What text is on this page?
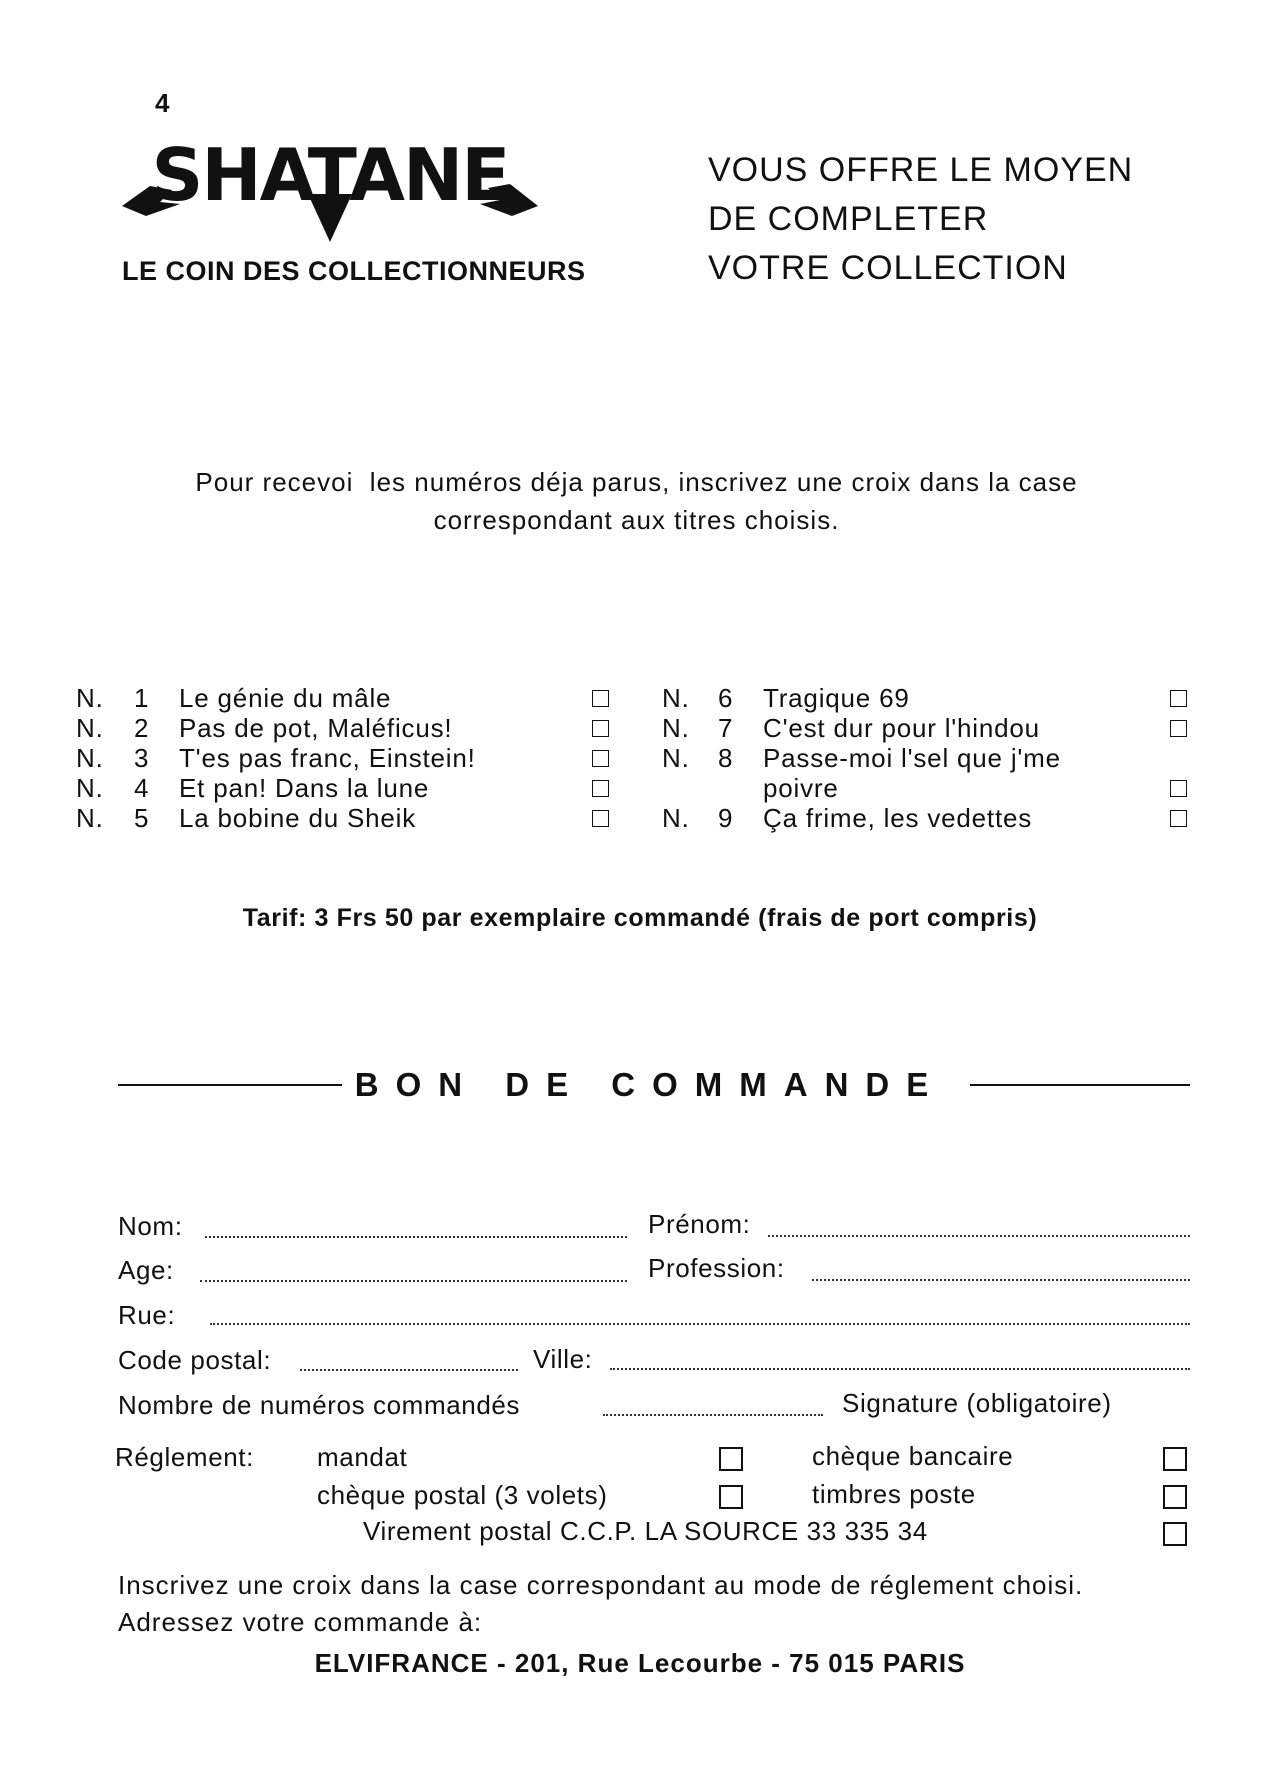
4
SHATANE
LE COIN DES COLLECTIONNEURS
VOUS OFFRE LE MOYEN
DE COMPLETER
VOTRE COLLECTION
Pour recevoi  les numéros déja parus, inscrivez une croix dans la case
correspondant aux titres choisis.
N. 1 Le génie du mâle
N. 2 Pas de pot, Maléficus!
N. 3 T'es pas franc, Einstein!
N. 4 Et pan! Dans la lune
N. 5 La bobine du Sheik
N. 6 Tragique 69
N. 7 C'est dur pour l'hindou
N. 8 Passe-moi l'sel que j'me
poivre
N. 9 Ça frime, les vedettes
Tarif: 3 Frs 50 par exemplaire commandé (frais de port compris)
BON DE COMMANDE
Nom:	Prénom:
Age:	Profession:
Rue:
Code postal:	Ville:
Nombre de numéros commandés	Signature (obligatoire)
Réglement: mandat	chèque bancaire
chèque postal (3 volets)	timbres poste
Virement postal C.C.P. LA SOURCE 33 335 34
Inscrivez une croix dans la case correspondant au mode de réglement choisi.
Adressez votre commande à:
ELVIFRANCE - 201, Rue Lecourbe - 75 015 PARIS
